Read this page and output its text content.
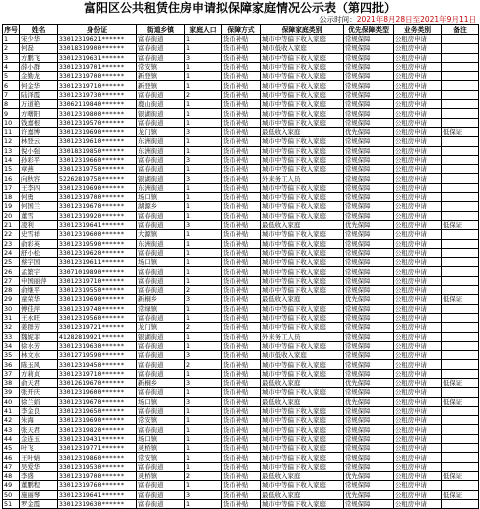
富阳区公共租赁住房申请拟保障家庭情况公示表（第四批）
公示时间：2021年8月28日至2021年9月11日
序号	姓名	身份证	街道乡镇	家庭人口	保障方式	保障家庭类别	优先保障类型	业务类别	备注
1	宋少华	33012319621******	富春街道	1	货币补贴	城市中等偏下收入家庭	常规保障	公租房申请	
2	何磊	33018319900******	富春街道	1	货币补贴	城市低收入家庭	常规保障	公租房申请	
3	方鹏飞	33012319631******	富春街道	3	货币补贴	城市中等偏下收入家庭	常规保障	公租房申请	
4	薛小群	33012319701******	常安镇	1	货币补贴	城市中等偏下收入家庭	常规保障	公租房申请	
5	金勤龙	33012319700******	新登镇	1	货币补贴	城市中等偏下收入家庭	常规保障	公租房申请	
6	何金华	33012319710******	新登镇	1	货币补贴	城市中等偏下收入家庭	常规保障	公租房申请	
7	陆泽霞	33012319730******	富春街道	2	货币补贴	城市中等偏下收入家庭	常规保障	公租房申请	
8	万道艳	33062119840******	鹿山街道	1	货币补贴	城市中等偏下收入家庭	常规保障	公租房申请	
9	方曙阳	33012319800******	银湖街道	1	货币补贴	城市中等偏下收入家庭	常规保障	公租房申请	
10	钱嘉根	33012319570******	富春街道	1	货币补贴	城市中等偏下收入家庭	常规保障	公租房申请	
11	许嘉博	33012319690******	龙门镇	3	货币补贴	最低收入家庭	优先保障	公租房申请	低保证
12	林登云	33012319610******	东洲街道	1	货币补贴	城市中等偏下收入家庭	常规保障	公租房申请	
13	倪小强	33018319850******	东洲街道	1	货币补贴	城市中等偏下收入家庭	常规保障	公租房申请	
14	孙彩平	33012319660******	富春街道	3	货币补贴	城市中等偏下收入家庭	常规保障	公租房申请	
15	章燕	33012319750******	富春街道	1	货币补贴	城市中等偏下收入家庭	常规保障	公租房申请	
16	向秋容	52262819750******	银湖街道	3	货币补贴	外来务工人员	常规保障	公租房申请	
17	王李四	33012319690******	东洲街道	1	货币补贴	城市中等偏下收入家庭	常规保障	公租房申请	
18	何勇	33012319700******	场口镇	1	货币补贴	城市中等偏下收入家庭	常规保障	公租房申请	
19	何国兰	33012319670******	湖源乡	1	货币补贴	城市中等偏下收入家庭	常规保障	公租房申请	
20	董雪	33012319920******	富春街道	1	货币补贴	城市中等偏下收入家庭	常规保障	公租房申请	
21	凌利	33012319641******	富春街道	3	货币补贴	最低收入家庭	优先保障	公租房申请	低保证
22	史雪祥	33012319600******	大源镇	1	货币补贴	城市中等偏下收入家庭	常规保障	公租房申请	
23	俞彩英	33012319590******	东洲街道	1	货币补贴	城市中等偏下收入家庭	常规保障	公租房申请	
24	舒小松	33012319620******	富春街道	1	货币补贴	城市中等偏下收入家庭	常规保障	公租房申请	
25	蔡宇国	33012319611******	场口镇	1	货币补贴	城市中等偏下收入家庭	常规保障	公租房申请	
26	孟繁宇	33071019890******	富春街道	1	货币补贴	城市中等偏下收入家庭	常规保障	公租房申请	
27	申国丽萍	33012319710******	富春街道	1	货币补贴	城市中等偏下收入家庭	常规保障	公租房申请	
28	俞继平	33012319550******	富春街道	2	货币补贴	城市中等偏下收入家庭	常规保障	公租房申请	
29	童荣华	33012319690******	新桐乡	3	货币补贴	最低收入家庭	优先保障	公租房申请	低保证
30	傅佳萍	33012319740******	常绿镇	1	货币补贴	城市中等偏下收入家庭	常规保障	公租房申请	
31	王永旺	33012319560******	富春街道	1	货币补贴	城市中等偏下收入家庭	常规保障	公租房申请	
32	姜群芳	33012319721******	龙门镇	2	货币补贴	城市中等偏下收入家庭	常规保障	公租房申请	
33	魏妮菲	41282819921******	银湖街道	1	货币补贴	外来务工人员	常规保障	公租房申请	
34	徐水芳	33012319630******	富春街道	1	货币补贴	城市中等偏下收入家庭	常规保障	公租房申请	
35	林文水	33012719590******	富春街道	3	货币补贴	城市低收入家庭	常规保障	公租房申请	
36	陈玉风	33012319450******	富春街道	2	货币补贴	城市中等偏下收入家庭	常规保障	公租房申请	
37	方莉贞	33012319710******	富春街道	1	货币补贴	城市中等偏下收入家庭	常规保障	公租房申请	
38	俞天君	33012619670******	新桐乡	3	货币补贴	最低收入家庭	优先保障	公租房申请	低保证
39	张开庆	33012319600******	富春街道	1	货币补贴	城市中等偏下收入家庭	常规保障	公租房申请	
40	徐兰娟	33012319670******	场口镇	3	货币补贴	最低收入家庭	优先保障	公租房申请	低保证
41	李金良	33012319650******	富春街道	1	货币补贴	城市中等偏下收入家庭	常规保障	公租房申请	
42	朱海	33012319690******	常安镇	1	货币补贴	城市中等偏下收入家庭	常规保障	公租房申请	
43	张天君	33012319820******	富春街道	1	货币补贴	城市中等偏下收入家庭	常规保障	公租房申请	
44	金连玉	33012319431******	场口镇	1	货币补贴	城市中等偏下收入家庭	常规保障	公租房申请	
45	叶飞	33012319771******	灵桥镇	1	货币补贴	城市中等偏下收入家庭	常规保障	公租房申请	
46	王叶婧	33012319860******	常安镇	1	货币补贴	城市中等偏下收入家庭	常规保障	公租房申请	
47	吴爱华	33012319530******	富春街道	1	货币补贴	城市中等偏下收入家庭	常规保障	公租房申请	
48	李盛	33012319700******	灵桥镇	2	货币补贴	最低收入家庭	优先保障	公租房申请	低保证
49	董鹏程	33012319760******	富春街道	1	货币补贴	城市中等偏下收入家庭	常规保障	公租房申请	
50	施丽琴	33012319641******	富春街道	3	货币补贴	最低收入家庭	优先保障	公租房申请	低保证
51	罗金霞	33012319630******	富春街道	1	货币补贴	城市中等偏下收入家庭	常规保障	公租房申请	
